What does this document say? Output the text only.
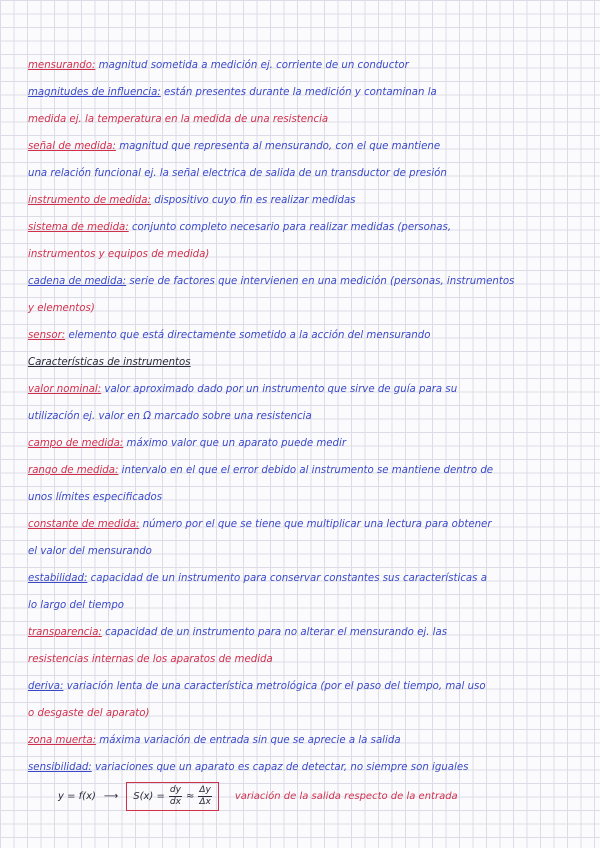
mensurando: magnitud sometida a medición ej. corriente de un conductor

magnitudes de influencia: están presentes durante la medición y contaminan la

medida ej. la temperatura en la medida de una resistencia

señal de medida: magnitud que representa al mensurando, con el que mantiene

una relación funcional ej. la señal electrica de salida de un transductor de presión

instrumento de medida: dispositivo cuyo fin es realizar medidas

sistema de medida: conjunto completo necesario para realizar medidas (personas,

instrumentos y equipos de medida)

cadena de medida: serie de factores que intervienen en una medición (personas, instrumentos

y elementos)

sensor: elemento que está directamente sometido a la acción del mensurando

Características de instrumentos

valor nominal: valor aproximado dado por un instrumento que sirve de guía para su

utilización ej. valor en Ω marcado sobre una resistencia

campo de medida: máximo valor que un aparato puede medir

rango de medida: intervalo en el que el error debido al instrumento se mantiene dentro de

unos límites especificados

constante de medida: número por el que se tiene que multiplicar una lectura para obtener

el valor del mensurando

estabilidad: capacidad de un instrumento para conservar constantes sus características a

lo largo del tiempo

transparencia: capacidad de un instrumento para no alterar el mensurando ej. las

resistencias internas de los aparatos de medida

deriva: variación lenta de una característica metrológica (por el paso del tiempo, mal uso

o desgaste del aparato)

zona muerta: máxima variación de entrada sin que se aprecie a la salida

sensibilidad: variaciones que un aparato es capaz de detectar, no siempre son iguales

y = f(x) ⟶ $S(x) = \frac{dy}{dx} \approx \frac{\Delta y}{\Delta x}$ variación de la salida respecto de la entrada
